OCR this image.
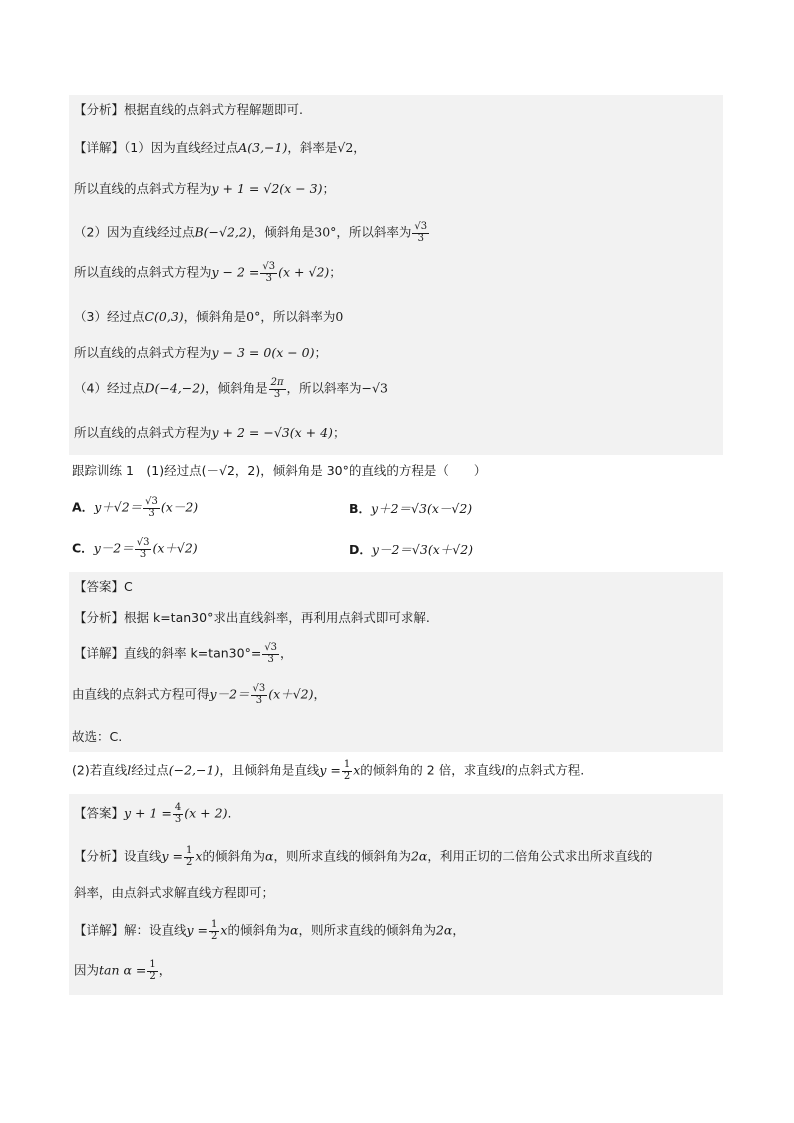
【分析】根据直线的点斜式方程解题即可.
【详解】（1）因为直线经过点A(3,−1)，斜率是√2，
所以直线的点斜式方程为y + 1 = √2(x − 3)；
（2）因为直线经过点B(−√2,2)，倾斜角是30°，所以斜率为 $\frac{√3}{3}$
所以直线的点斜式方程为$y - 2 = \frac{√3}{3} (x + √2)$；
（3）经过点C(0,3)，倾斜角是0°，所以斜率为0
所以直线的点斜式方程为y − 3 = 0(x − 0)；
（4）经过点D(−4,−2)，倾斜角是 $\frac{2\pi}{3}$ ，所以斜率为−√3
所以直线的点斜式方程为y + 2 = −√3(x + 4)；
跟踪训练 1　(1)经过点(－√2，2)，倾斜角是 30°的直线的方程是（　　）
A．$y+√2= \frac{√3}{3} (x-2)$	B．y＋2＝√3(x－√2)
C．$y-2= \frac{√3}{3} (x+√2)$	D．y－2＝√3(x＋√2)
【答案】C
【分析】根据 k=tan30°求出直线斜率，再利用点斜式即可求解.
【详解】直线的斜率 $k=\tan 30^\circ= \frac{√3}{3}$ ，
由直线的点斜式方程可得$y-2= \frac{√3}{3} (x+√2)$，
故选：C.
(2)若直线l经过点(−2,−1)，且倾斜角是直线$y = \frac{1}{2}$ x的倾斜角的 2 倍，求直线l的点斜式方程.
【答案】$y + 1 = \frac{4}{3} (x + 2)$.
【分析】设直线$y = \frac{1}{2}$ x的倾斜角为α，则所求直线的倾斜角为2α，利用正切的二倍角公式求出所求直线的
斜率，由点斜式求解直线方程即可；
【详解】解：设直线$y = \frac{1}{2}$ x的倾斜角为α，则所求直线的倾斜角为2α，
因为$\tan \alpha = \frac{1}{2}$ ，
